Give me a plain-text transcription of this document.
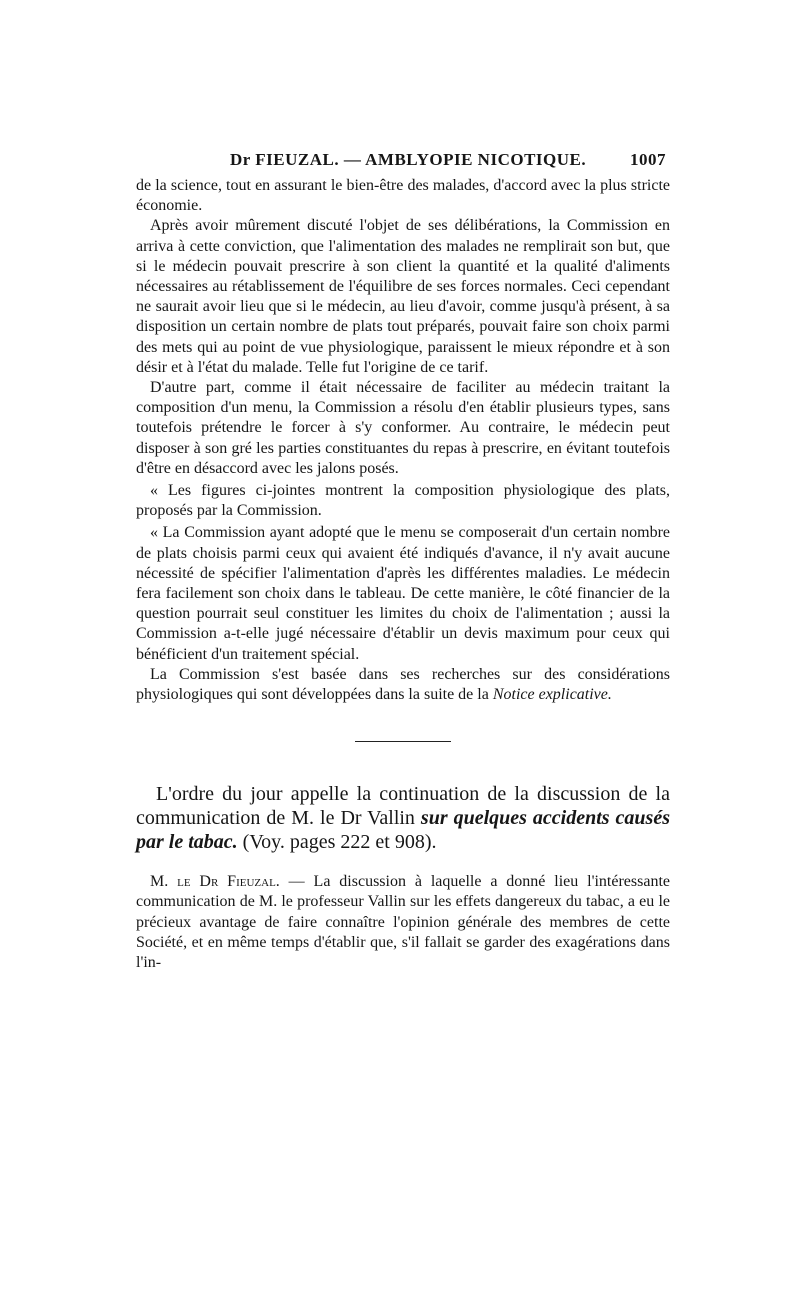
Dr FIEUZAL. — AMBLYOPIE NICOTIQUE.	1007

de la science, tout en assurant le bien-être des malades, d'accord avec la plus stricte économie.

Après avoir mûrement discuté l'objet de ses délibérations, la Commission en arriva à cette conviction, que l'alimentation des malades ne remplirait son but, que si le médecin pouvait prescrire à son client la quantité et la qualité d'aliments nécessaires au rétablissement de l'équilibre de ses forces normales. Ceci cependant ne saurait avoir lieu que si le médecin, au lieu d'avoir, comme jusqu'à présent, à sa disposition un certain nombre de plats tout préparés, pouvait faire son choix parmi des mets qui au point de vue physiologique, paraissent le mieux répondre et à son désir et à l'état du malade. Telle fut l'origine de ce tarif.

D'autre part, comme il était nécessaire de faciliter au médecin traitant la composition d'un menu, la Commission a résolu d'en établir plusieurs types, sans toutefois prétendre le forcer à s'y conformer. Au contraire, le médecin peut disposer à son gré les parties constituantes du repas à prescrire, en évitant toutefois d'être en désaccord avec les jalons posés.

« Les figures ci-jointes montrent la composition physiologique des plats, proposés par la Commission.

« La Commission ayant adopté que le menu se composerait d'un certain nombre de plats choisis parmi ceux qui avaient été indiqués d'avance, il n'y avait aucune nécessité de spécifier l'alimentation d'après les différentes maladies. Le médecin fera facilement son choix dans le tableau. De cette manière, le côté financier de la question pourrait seul constituer les limites du choix de l'alimentation ; aussi la Commission a-t-elle jugé nécessaire d'établir un devis maximum pour ceux qui bénéficient d'un traitement spécial.

La Commission s'est basée dans ses recherches sur des considérations physiologiques qui sont développées dans la suite de la Notice explicative.

L'ordre du jour appelle la continuation de la discussion de la communication de M. le Dr Vallin sur quelques accidents causés par le tabac. (Voy. pages 222 et 908).

M. le Dr Fieuzal. — La discussion à laquelle a donné lieu l'intéressante communication de M. le professeur Vallin sur les effets dangereux du tabac, a eu le précieux avantage de faire connaître l'opinion générale des membres de cette Société, et en même temps d'établir que, s'il fallait se garder des exagérations dans l'in-
